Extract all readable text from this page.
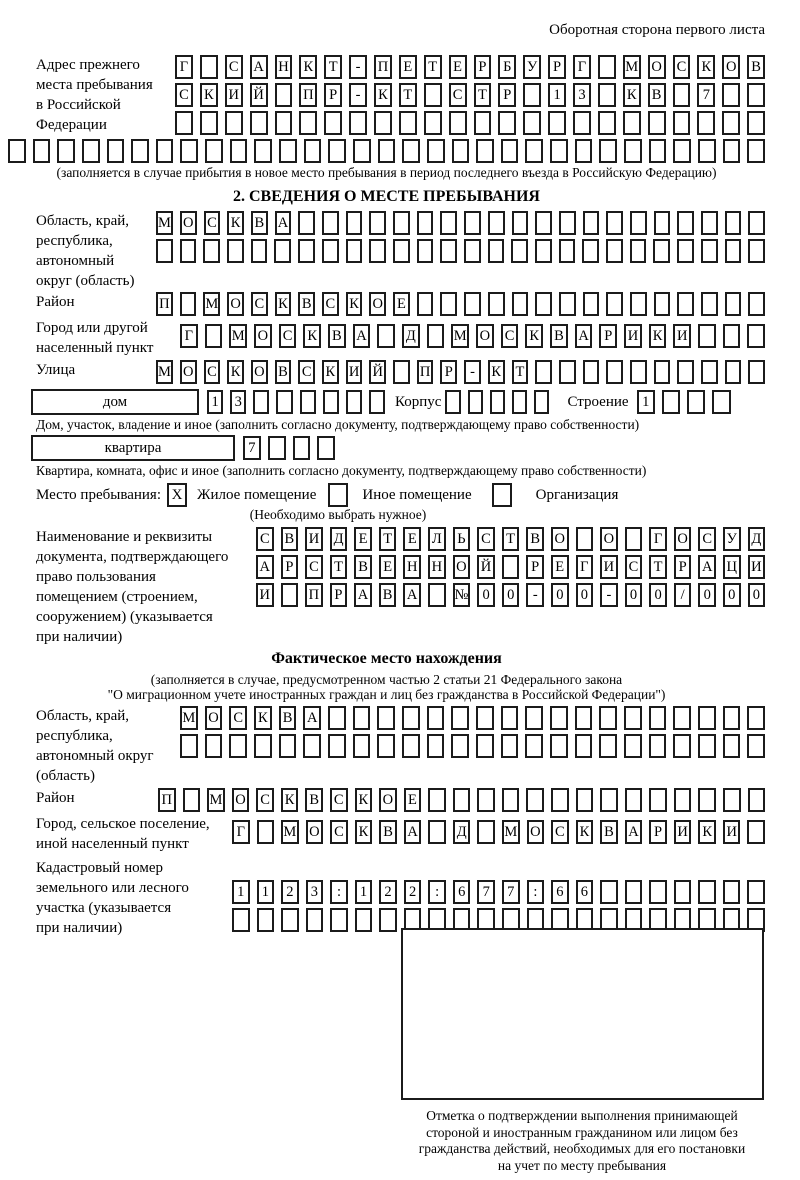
Оборотная сторона первого листа
Адрес прежнего
места пребывания
в Российской
Федерации
Г	С А Н К	Т	-	П	Е	Т	Е	Р	Б	У	Р	Г	М О С К О В
С К И Й	П	Р	-	К	Т	С	Т	Р	1	3	К В	7
(заполняется в случае прибытия в новое место пребывания в период последнего въезда в Российскую Федерацию)
2. СВЕДЕНИЯ О МЕСТЕ ПРЕБЫВАНИЯ
Область, край,
республика,
автономный
округ (область)
М О С К В А
Район	П М О С К В С К О Е
Город или другой
населенный пункт
Г	М О С К В А	Д	М О С К В А	Р	И К И
Улица	М О С К О В С К И Й	П Р	-	К Т
дом	1	3	Корпус	Строение 1
Дом, участок, владение и иное (заполнить согласно документу, подтверждающему право собственности)
квартира	7
Квартира, комната, офис и иное (заполнить согласно документу, подтверждающему право собственности)
Место пребывания: X Жилое помещение	Иное помещение	Организация
(Необходимо выбрать нужное)
Наименование и реквизиты
документа, подтверждающего
право пользования
помещением (строением,
сооружением) (указывается
при наличии)
С В И Д	Е	Т	Е	Л	Ь	С	Т	В О	О	Г	О С У Д
А	Р	С	Т	В	Е	Н Н О Й	Р	Е	Г	И С	Т	Р	А Ц И
И	П	Р	А В А	№ 0	0	-	0	0	-	0	0	/	0	0	0
Фактическое место нахождения
(заполняется в случае, предусмотренном частью 2 статьи 21 Федерального закона
"О миграционном учете иностранных граждан и лиц без гражданства в Российской Федерации")
Область, край,
республика,
автономный округ
(область)
М О С К В А
Район	П	М О С К В С К О Е
Город, сельское поселение,
иной населенный пункт
Г	М О С К В А	Д	М О С К В А	Р	И К И
Кадастровый номер
земельного или лесного
участка (указывается
при наличии)
1	1	2	3	:	1	2	2	:	6	7	7	:	6	6
Отметка о подтверждении выполнения принимающей
стороной и иностранным гражданином или лицом без
гражданства действий, необходимых для его постановки
на учет по месту пребывания
